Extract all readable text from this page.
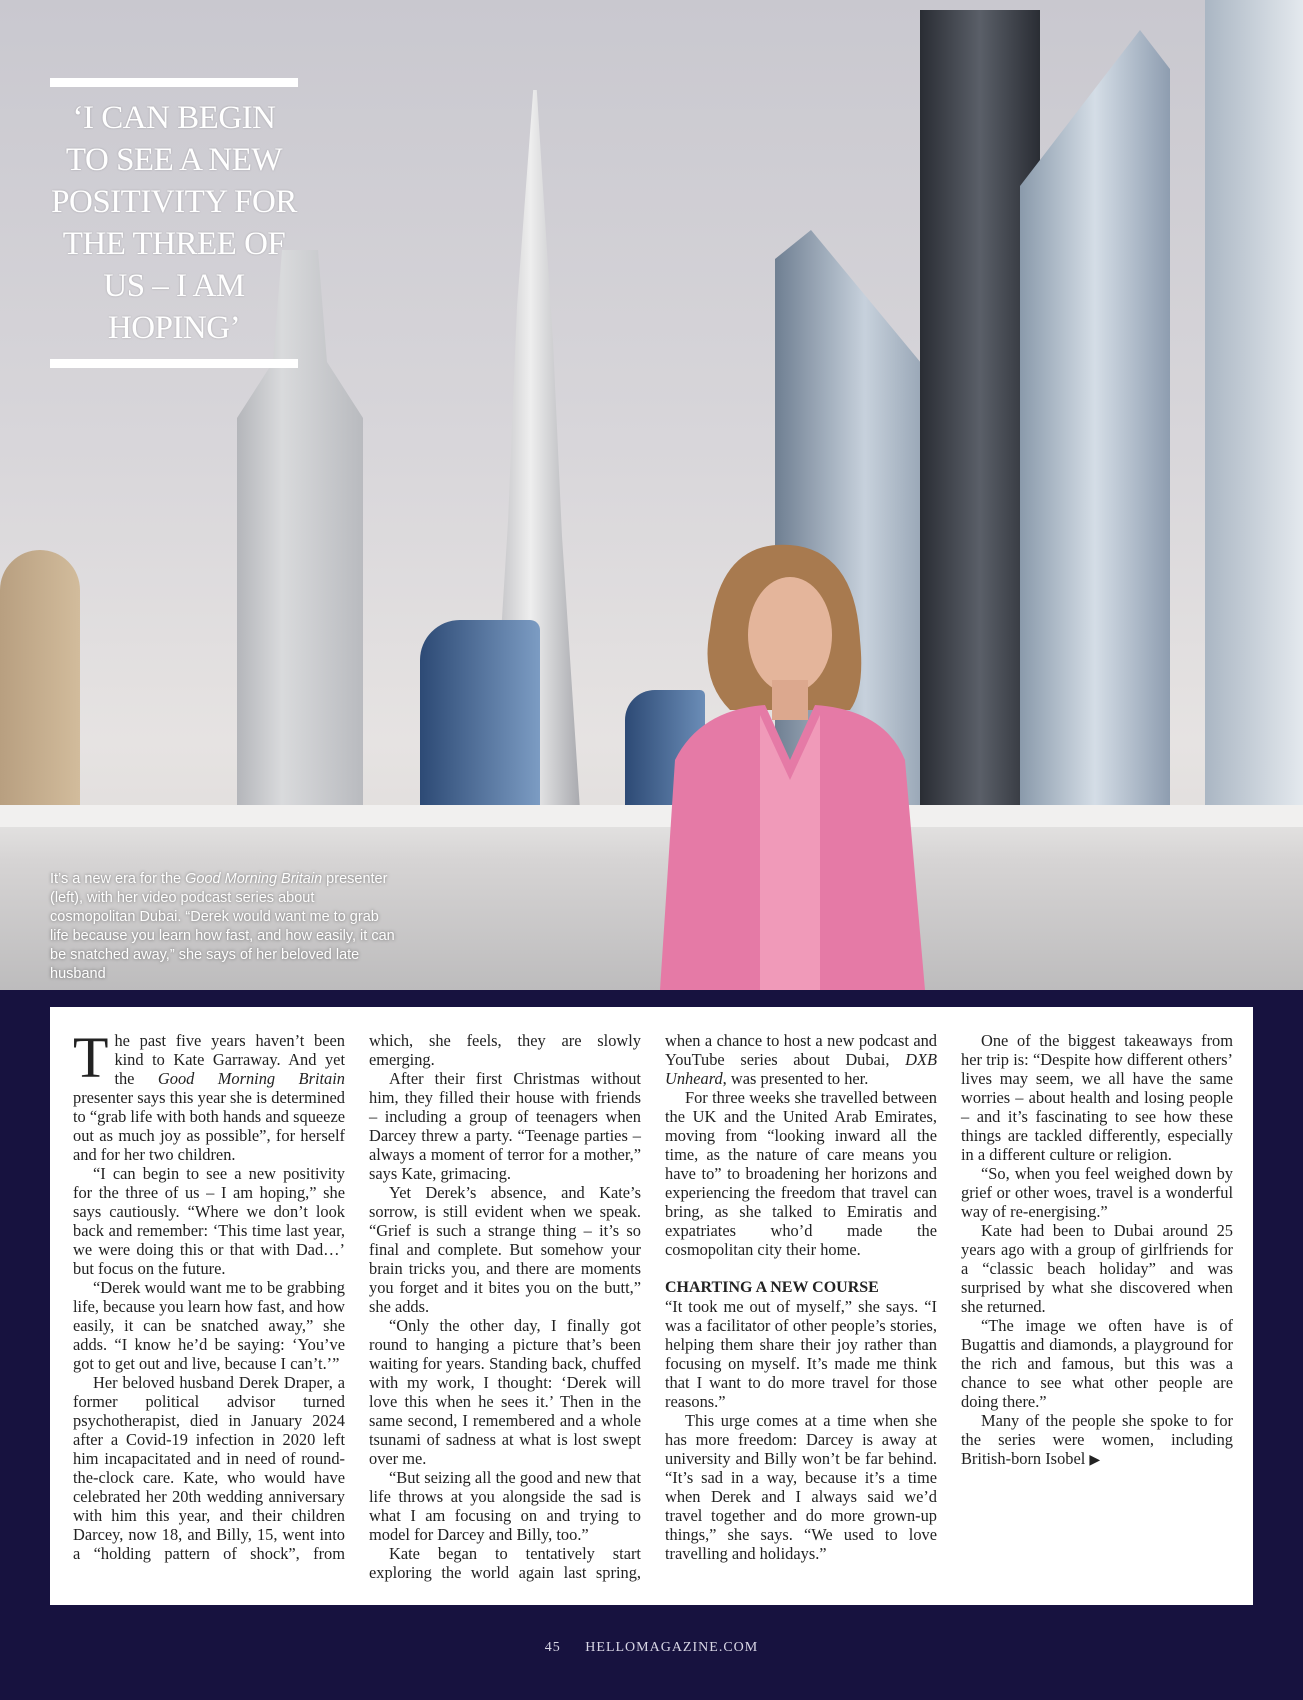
‘I CAN BEGIN TO SEE A NEW POSITIVITY FOR THE THREE OF US – I AM HOPING’
It’s a new era for the Good Morning Britain presenter (left), with her video podcast series about cosmopolitan Dubai. “Derek would want me to grab life because you learn how fast, and how easily, it can be snatched away,” she says of her beloved late husband

The past five years haven’t been kind to Kate Garraway. And yet the Good Morning Britain presenter says this year she is determined to “grab life with both hands and squeeze out as much joy as possible”, for herself and for her two children.

“I can begin to see a new positivity for the three of us – I am hoping,” she says cautiously. “Where we don’t look back and remember: ‘This time last year, we were doing this or that with Dad…’ but focus on the future.

“Derek would want me to be grabbing life, because you learn how fast, and how easily, it can be snatched away,” she adds. “I know he’d be saying: ‘You’ve got to get out and live, because I can’t.’”

Her beloved husband Derek Draper, a former political advisor turned psychotherapist, died in January 2024 after a Covid-19 infection in 2020 left him incapacitated and in need of round-the-clock care. Kate, who would have celebrated her 20th wedding anniversary with him this year, and their children Darcey, now 18, and Billy, 15, went into a “holding pattern of shock”, from which, she feels, they are slowly emerging.

After their first Christmas without him, they filled their house with friends – including a group of teenagers when Darcey threw a party. “Teenage parties – always a moment of terror for a mother,” says Kate, grimacing.

Yet Derek’s absence, and Kate’s sorrow, is still evident when we speak. “Grief is such a strange thing – it’s so final and complete. But somehow your brain tricks you, and there are moments you forget and it bites you on the butt,” she adds.

“Only the other day, I finally got round to hanging a picture that’s been waiting for years. Standing back, chuffed with my work, I thought: ‘Derek will love this when he sees it.’ Then in the same second, I remembered and a whole tsunami of sadness at what is lost swept over me.

“But seizing all the good and new that life throws at you alongside the sad is what I am focusing on and trying to model for Darcey and Billy, too.”

Kate began to tentatively start exploring the world again last spring, when a chance to host a new podcast and YouTube series about Dubai, DXB Unheard, was presented to her.

For three weeks she travelled between the UK and the United Arab Emirates, moving from “looking inward all the time, as the nature of care means you have to” to broadening her horizons and experiencing the freedom that travel can bring, as she talked to Emiratis and expatriates who’d made the cosmopolitan city their home.

CHARTING A NEW COURSE

“It took me out of myself,” she says. “I was a facilitator of other people’s stories, helping them share their joy rather than focusing on myself. It’s made me think that I want to do more travel for those reasons.”

This urge comes at a time when she has more freedom: Darcey is away at university and Billy won’t be far behind. “It’s sad in a way, because it’s a time when Derek and I always said we’d travel together and do more grown-up things,” she says. “We used to love travelling and holidays.”

One of the biggest takeaways from her trip is: “Despite how different others’ lives may seem, we all have the same worries – about health and losing people – and it’s fascinating to see how these things are tackled differently, especially in a different culture or religion.

“So, when you feel weighed down by grief or other woes, travel is a wonderful way of re-energising.”

Kate had been to Dubai around 25 years ago with a group of girlfriends for a “classic beach holiday” and was surprised by what she discovered when she returned.

“The image we often have is of Bugattis and diamonds, a playground for the rich and famous, but this was a chance to see what other people are doing there.”

Many of the people she spoke to for the series were women, including British-born Isobel ▶

45 HELLOMAGAZINE.COM
